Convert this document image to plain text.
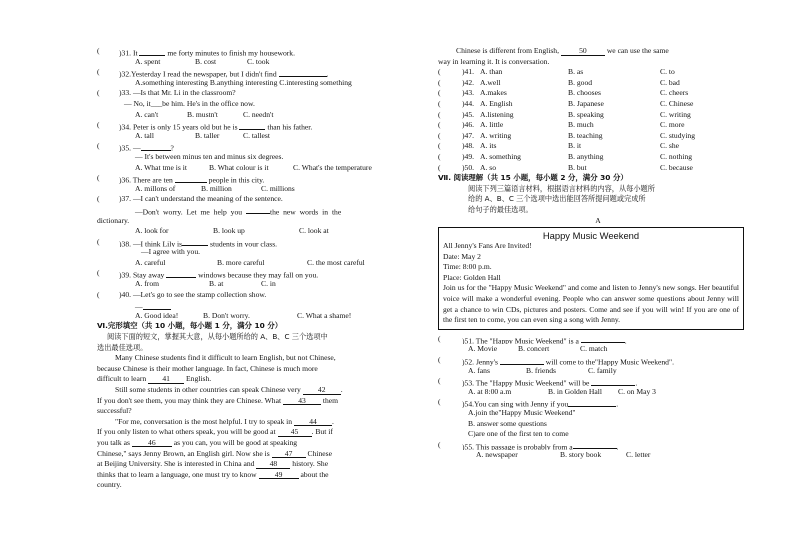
(	)31. It	me forty minutes to finish my housework.
A. spent	B. cost	C. took
(	)32.Yesterday I read the newspaper, but I didn't find	.
A.something interesting B.anything interesting C.interesting something
(	)33. —Is that Mr. Li in the classroom?
— No, it___be him. He's in the office now.
A. can't	B. mustn't	C. needn't
(	)34. Peter is only 15 years old but he is	than his father.
A. tall	B. taller	C. tallest
(	)35. —	?
— It's between minus ten and minus six degrees.
A. What tme is it	B. What colour is it	C. What's the temperature
(	)36. There are ten	people in this city.
A. millons of	B. million	C. millions
(	)37. —I can't understand the meaning of the sentence.
—Don't worry. Let me help you	the new words in the
dictionary.
A. look for	B. look up	C. look at
(	)38. —I think Lily is	students in your class.
—I agree with you.
A. careful	B. more careful	C. the most careful
(	)39. Stay away	windows because they may fall on you.
A. from	B. at	C. in
(	)40. —Let's go to see the stamp collection show.
—
A. Good idea!	B. Don't worry.	C. What a shame!
Ⅵ.完形填空（共 10 小题，每小题 1 分，满分 10 分）
阅读下面的短文，掌握其大意，从每小题所给的 A、B、C 三个选项中
选出最佳选项。
Many Chinese students find it difficult to learn English, but not Chinese,
because Chinese is their mother language. In fact, Chinese is much more
difficult to learn 41 English.
Still some students in other countries can speak Chinese very 42 .
If you don't see them, you may think they are Chinese. What 43 them
successful?
"For me, conversation is the most helpful. I try to speak in 44 .
If you only listen to what others speak, you will be good at 45 . But if
you talk as 46 as you can, you will be good at speaking
Chinese," says Jenny Brown, an English girl. Now she is 47 Chinese
at Beijing University. She is interested in China and 48 history. She
thinks that to learn a language, one must try to know 49 about the
country.
Chinese is different from English,	50	we can use the same
way in learning it. It is conversation.
(	)41. A. than	B. as	C. to
(	)42. A.well	B. good	C. bad
(	)43. A.makes	B. chooses	C. cheers
(	)44. A. English	B. Japanese	C. Chinese
(	)45. A.listening	B. speaking	C. writing
(	)46. A. little	B. much	C. more
(	)47. A. writing	B. teaching	C. studying
(	)48. A. its	B. it	C. she
(	)49. A. something	B. anything	C. nothing
(	)50. A. so	B. but	C. because
Ⅶ. 阅读理解（共 15 小题，每小题 2 分，满分 30 分）
阅读下列三篇语言材料，根据语言材料的内容，从每小题所
给的 A、B、C 三个选项中选出能回答所提问题或完成所
给句子的最佳选项。
A
Happy Music Weekend
All Jenny's Fans Are Invited!
Date: May 2
Time: 8:00 p.m.
Place: Golden Hall
Join us for the "Happy Music Weekend" and come and listen to Jenny's new songs. Her beautiful voice will make a wonderful evening. People who can answer some questions about Jenny will get a chance to win CDs, pictures and posters. Come and see if you will win! If you are one of the first ten to come, you can even sing a song with Jenny.
(	)51. The "Happy Music Weekend" is a	.
A. Movie	B. concert	C. match
(	)52. Jenny's	will come to the"Happy Music Weekend".
A. fans	B. friends	C. family
(	)53. The "Happy Music Weekend" will be	.
A. at 8:00 a.m	B. in Golden Hall C. on May 3
(	)54.You can sing with Jenny if you	.
A.join the"Happy Music Weekend"
B. answer some questions
C)are one of the first ten to come
(	)55. This passage is probably from a	.
A. newspaper	B. story book	C. letter
